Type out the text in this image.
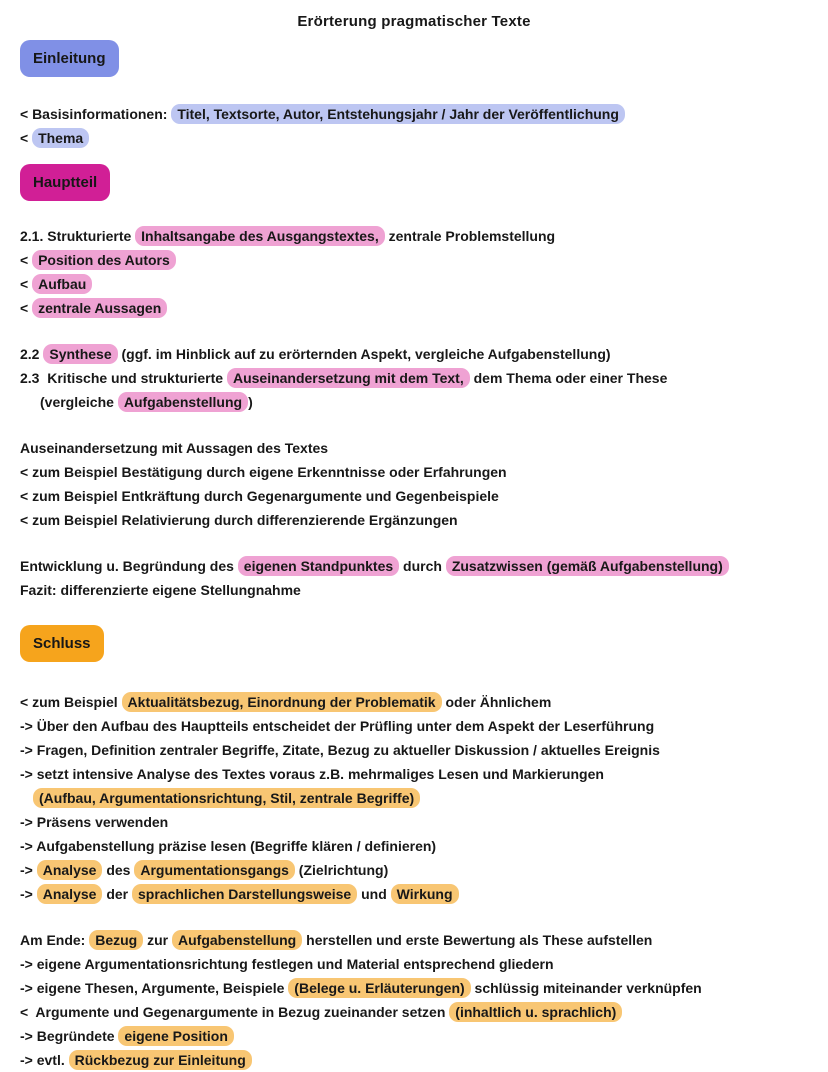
Erörterung pragmatischer Texte
Einleitung
< Basisinformationen: Titel, Textsorte, Autor, Entstehungsjahr / Jahr der Veröffentlichung
< Thema
Hauptteil
2.1. Strukturierte Inhaltsangabe des Ausgangstextes, zentrale Problemstellung
< Position des Autors
< Aufbau
< zentrale Aussagen
2.2 Synthese (ggf. im Hinblick auf zu erörternden Aspekt, vergleiche Aufgabenstellung)
2.3  Kritische und strukturierte Auseinandersetzung mit dem Text, dem Thema oder einer These
(vergleiche Aufgabenstellung )
Auseinandersetzung mit Aussagen des Textes
< zum Beispiel Bestätigung durch eigene Erkenntnisse oder Erfahrungen
< zum Beispiel Entkräftung durch Gegenargumente und Gegenbeispiele
< zum Beispiel Relativierung durch differenzierende Ergänzungen
Entwicklung u. Begründung des eigenen Standpunktes durch Zusatzwissen (gemäß Aufgabenstellung)
Fazit: differenzierte eigene Stellungnahme
Schluss
< zum Beispiel Aktualitätsbezug, Einordnung der Problematik oder Ähnlichem
-> Über den Aufbau des Hauptteils entscheidet der Prüfling unter dem Aspekt der Leserführung
-> Fragen, Definition zentraler Begriffe, Zitate, Bezug zu aktueller Diskussion / aktuelles Ereignis
-> setzt intensive Analyse des Textes voraus z.B. mehrmaliges Lesen und Markierungen
(Aufbau, Argumentationsrichtung, Stil, zentrale Begriffe)
-> Präsens verwenden
-> Aufgabenstellung präzise lesen (Begriffe klären / definieren)
-> Analyse des Argumentationsgangs (Zielrichtung)
-> Analyse der sprachlichen Darstellungsweise und Wirkung
Am Ende: Bezug zur Aufgabenstellung herstellen und erste Bewertung als These aufstellen
-> eigene Argumentationsrichtung festlegen und Material entsprechend gliedern
-> eigene Thesen, Argumente, Beispiele (Belege u. Erläuterungen) schlüssig miteinander verknüpfen
<  Argumente und Gegenargumente in Bezug zueinander setzen (inhaltlich u. sprachlich)
-> Begründete eigene Position
-> evtl. Rückbezug zur Einleitung
